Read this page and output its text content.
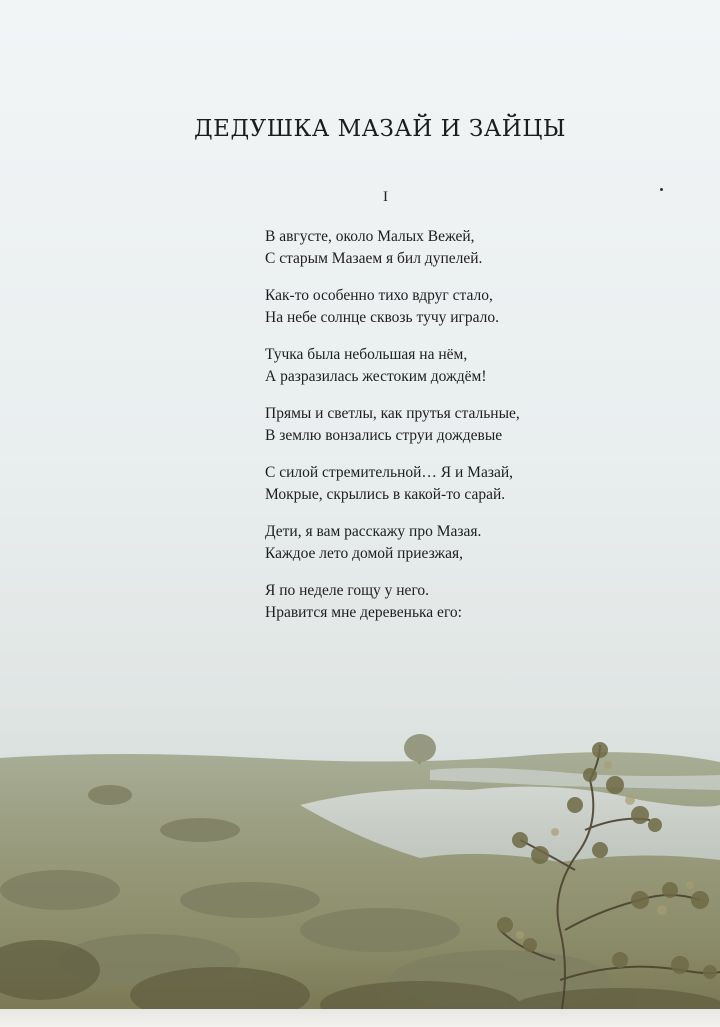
ДЕДУШКА МАЗАЙ И ЗАЙЦЫ
I
В августе, около Малых Вежей,
С старым Мазаем я бил дупелей.
Как-то особенно тихо вдруг стало,
На небе солнце сквозь тучу играло.
Тучка была небольшая на нём,
А разразилась жестоким дождём!
Прямы и светлы, как прутья стальные,
В землю вонзались струи дождевые
С силой стремительной… Я и Мазай,
Мокрые, скрылись в какой-то сарай.
Дети, я вам расскажу про Мазая.
Каждое лето домой приезжая,
Я по неделе гощу у него.
Нравится мне деревенька его:
